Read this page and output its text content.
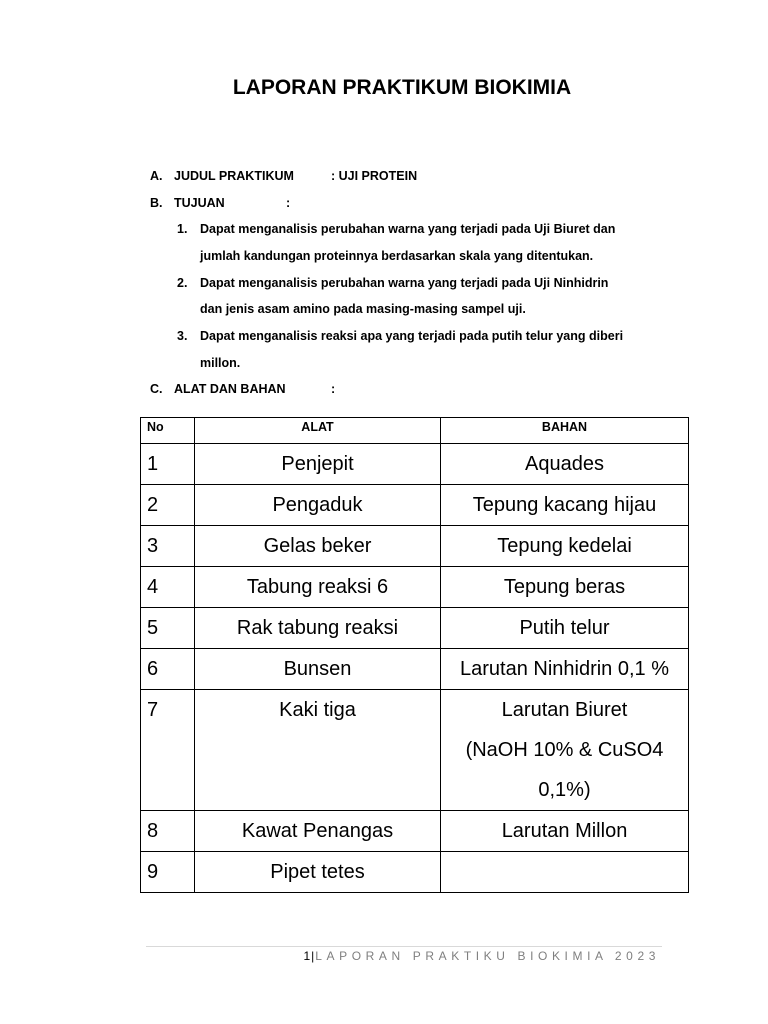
LAPORAN PRAKTIKUM BIOKIMIA
A. JUDUL PRAKTIKUM	: UJI PROTEIN
B. TUJUAN	:
1. Dapat menganalisis perubahan warna yang terjadi pada Uji Biuret dan
jumlah kandungan proteinnya berdasarkan skala yang ditentukan.
2. Dapat menganalisis perubahan warna yang terjadi pada Uji Ninhidrin
dan jenis asam amino pada masing-masing sampel uji.
3. Dapat menganalisis reaksi apa yang terjadi pada putih telur yang diberi
millon.
C. ALAT DAN BAHAN	:
No	ALAT	BAHAN
1	Penjepit	Aquades
2	Pengaduk	Tepung kacang hijau
3	Gelas beker	Tepung kedelai
4	Tabung reaksi 6	Tepung beras
5	Rak tabung reaksi	Putih telur
6	Bunsen	Larutan Ninhidrin 0,1 %
7	Kaki tiga	Larutan Biuret
(NaOH 10% & CuSO4
0,1%)

8	Kawat Penangas	Larutan Millon
9	Pipet tetes	
1|LAPORAN PRAKTIKU BIOKIMIA 2023
